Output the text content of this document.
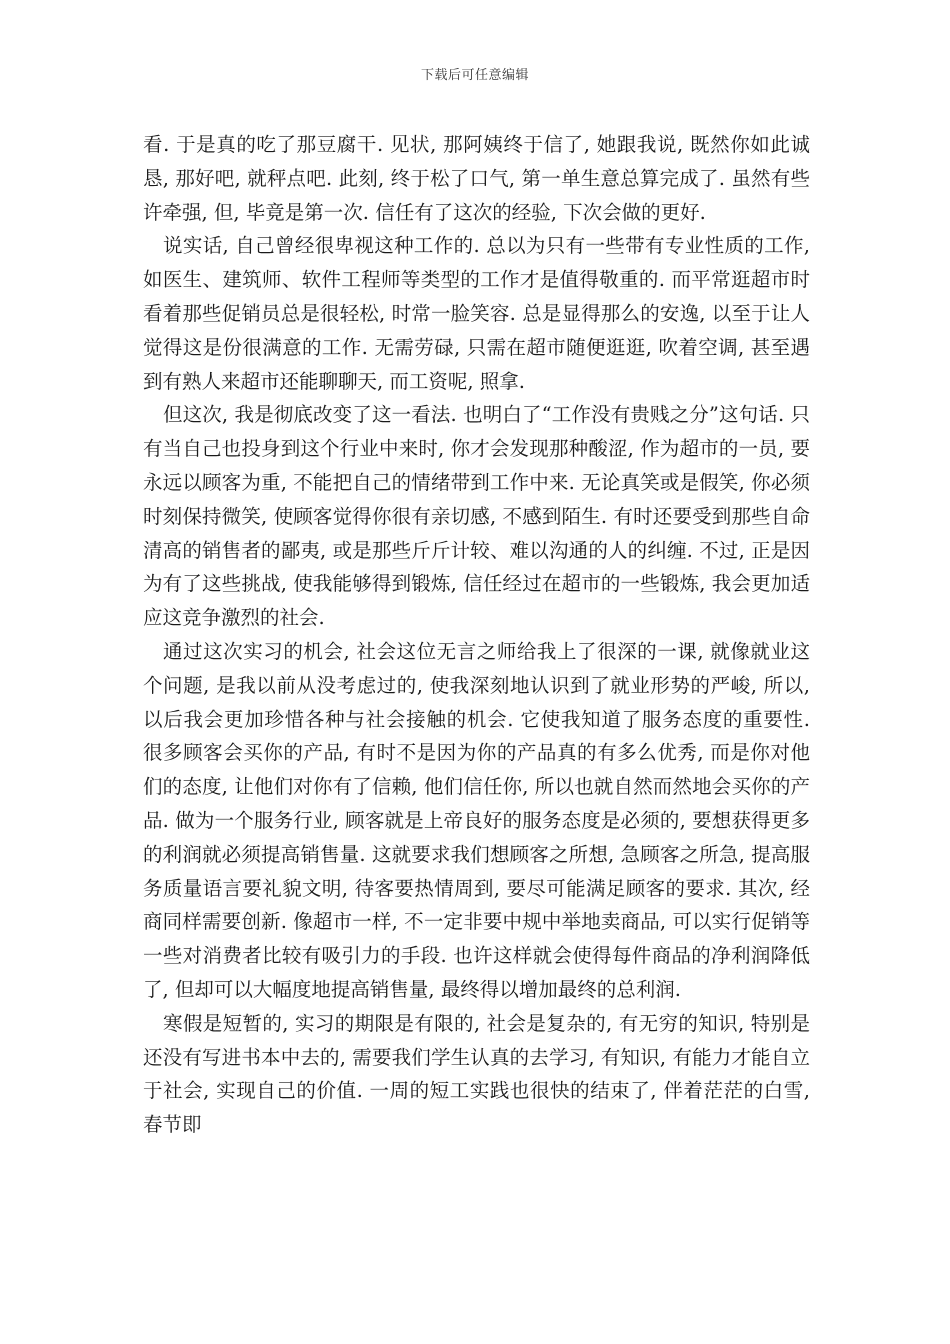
下载后可任意编辑

看. 于是真的吃了那豆腐干. 见状, 那阿姨终于信了, 她跟我说, 既然你如此诚恳, 那好吧, 就秤点吧. 此刻, 终于松了口气, 第一单生意总算完成了. 虽然有些许牵强, 但, 毕竟是第一次. 信任有了这次的经验, 下次会做的更好.

说实话, 自己曾经很卑视这种工作的. 总以为只有一些带有专业性质的工作, 如医生、建筑师、软件工程师等类型的工作才是值得敬重的. 而平常逛超市时看着那些促销员总是很轻松, 时常一脸笑容. 总是显得那么的安逸, 以至于让人觉得这是份很满意的工作. 无需劳碌, 只需在超市随便逛逛, 吹着空调, 甚至遇到有熟人来超市还能聊聊天, 而工资呢, 照拿.

但这次, 我是彻底改变了这一看法. 也明白了“工作没有贵贱之分”这句话. 只有当自己也投身到这个行业中来时, 你才会发现那种酸涩, 作为超市的一员, 要永远以顾客为重, 不能把自己的情绪带到工作中来. 无论真笑或是假笑, 你必须时刻保持微笑, 使顾客觉得你很有亲切感, 不感到陌生. 有时还要受到那些自命清高的销售者的鄙夷, 或是那些斤斤计较、难以沟通的人的纠缠. 不过, 正是因为有了这些挑战, 使我能够得到锻炼, 信任经过在超市的一些锻炼, 我会更加适应这竞争激烈的社会.

通过这次实习的机会, 社会这位无言之师给我上了很深的一课, 就像就业这个问题, 是我以前从没考虑过的, 使我深刻地认识到了就业形势的严峻, 所以, 以后我会更加珍惜各种与社会接触的机会. 它使我知道了服务态度的重要性. 很多顾客会买你的产品, 有时不是因为你的产品真的有多么优秀, 而是你对他们的态度, 让他们对你有了信赖, 他们信任你, 所以也就自然而然地会买你的产品. 做为一个服务行业, 顾客就是上帝良好的服务态度是必须的, 要想获得更多的利润就必须提高销售量. 这就要求我们想顾客之所想, 急顾客之所急, 提高服务质量语言要礼貌文明, 待客要热情周到, 要尽可能满足顾客的要求. 其次, 经商同样需要创新. 像超市一样, 不一定非要中规中举地卖商品, 可以实行促销等一些对消费者比较有吸引力的手段. 也许这样就会使得每件商品的净利润降低了, 但却可以大幅度地提高销售量, 最终得以增加最终的总利润.

寒假是短暂的, 实习的期限是有限的, 社会是复杂的, 有无穷的知识, 特别是还没有写进书本中去的, 需要我们学生认真的去学习, 有知识, 有能力才能自立于社会, 实现自己的价值. 一周的短工实践也很快的结束了, 伴着茫茫的白雪, 春节即
